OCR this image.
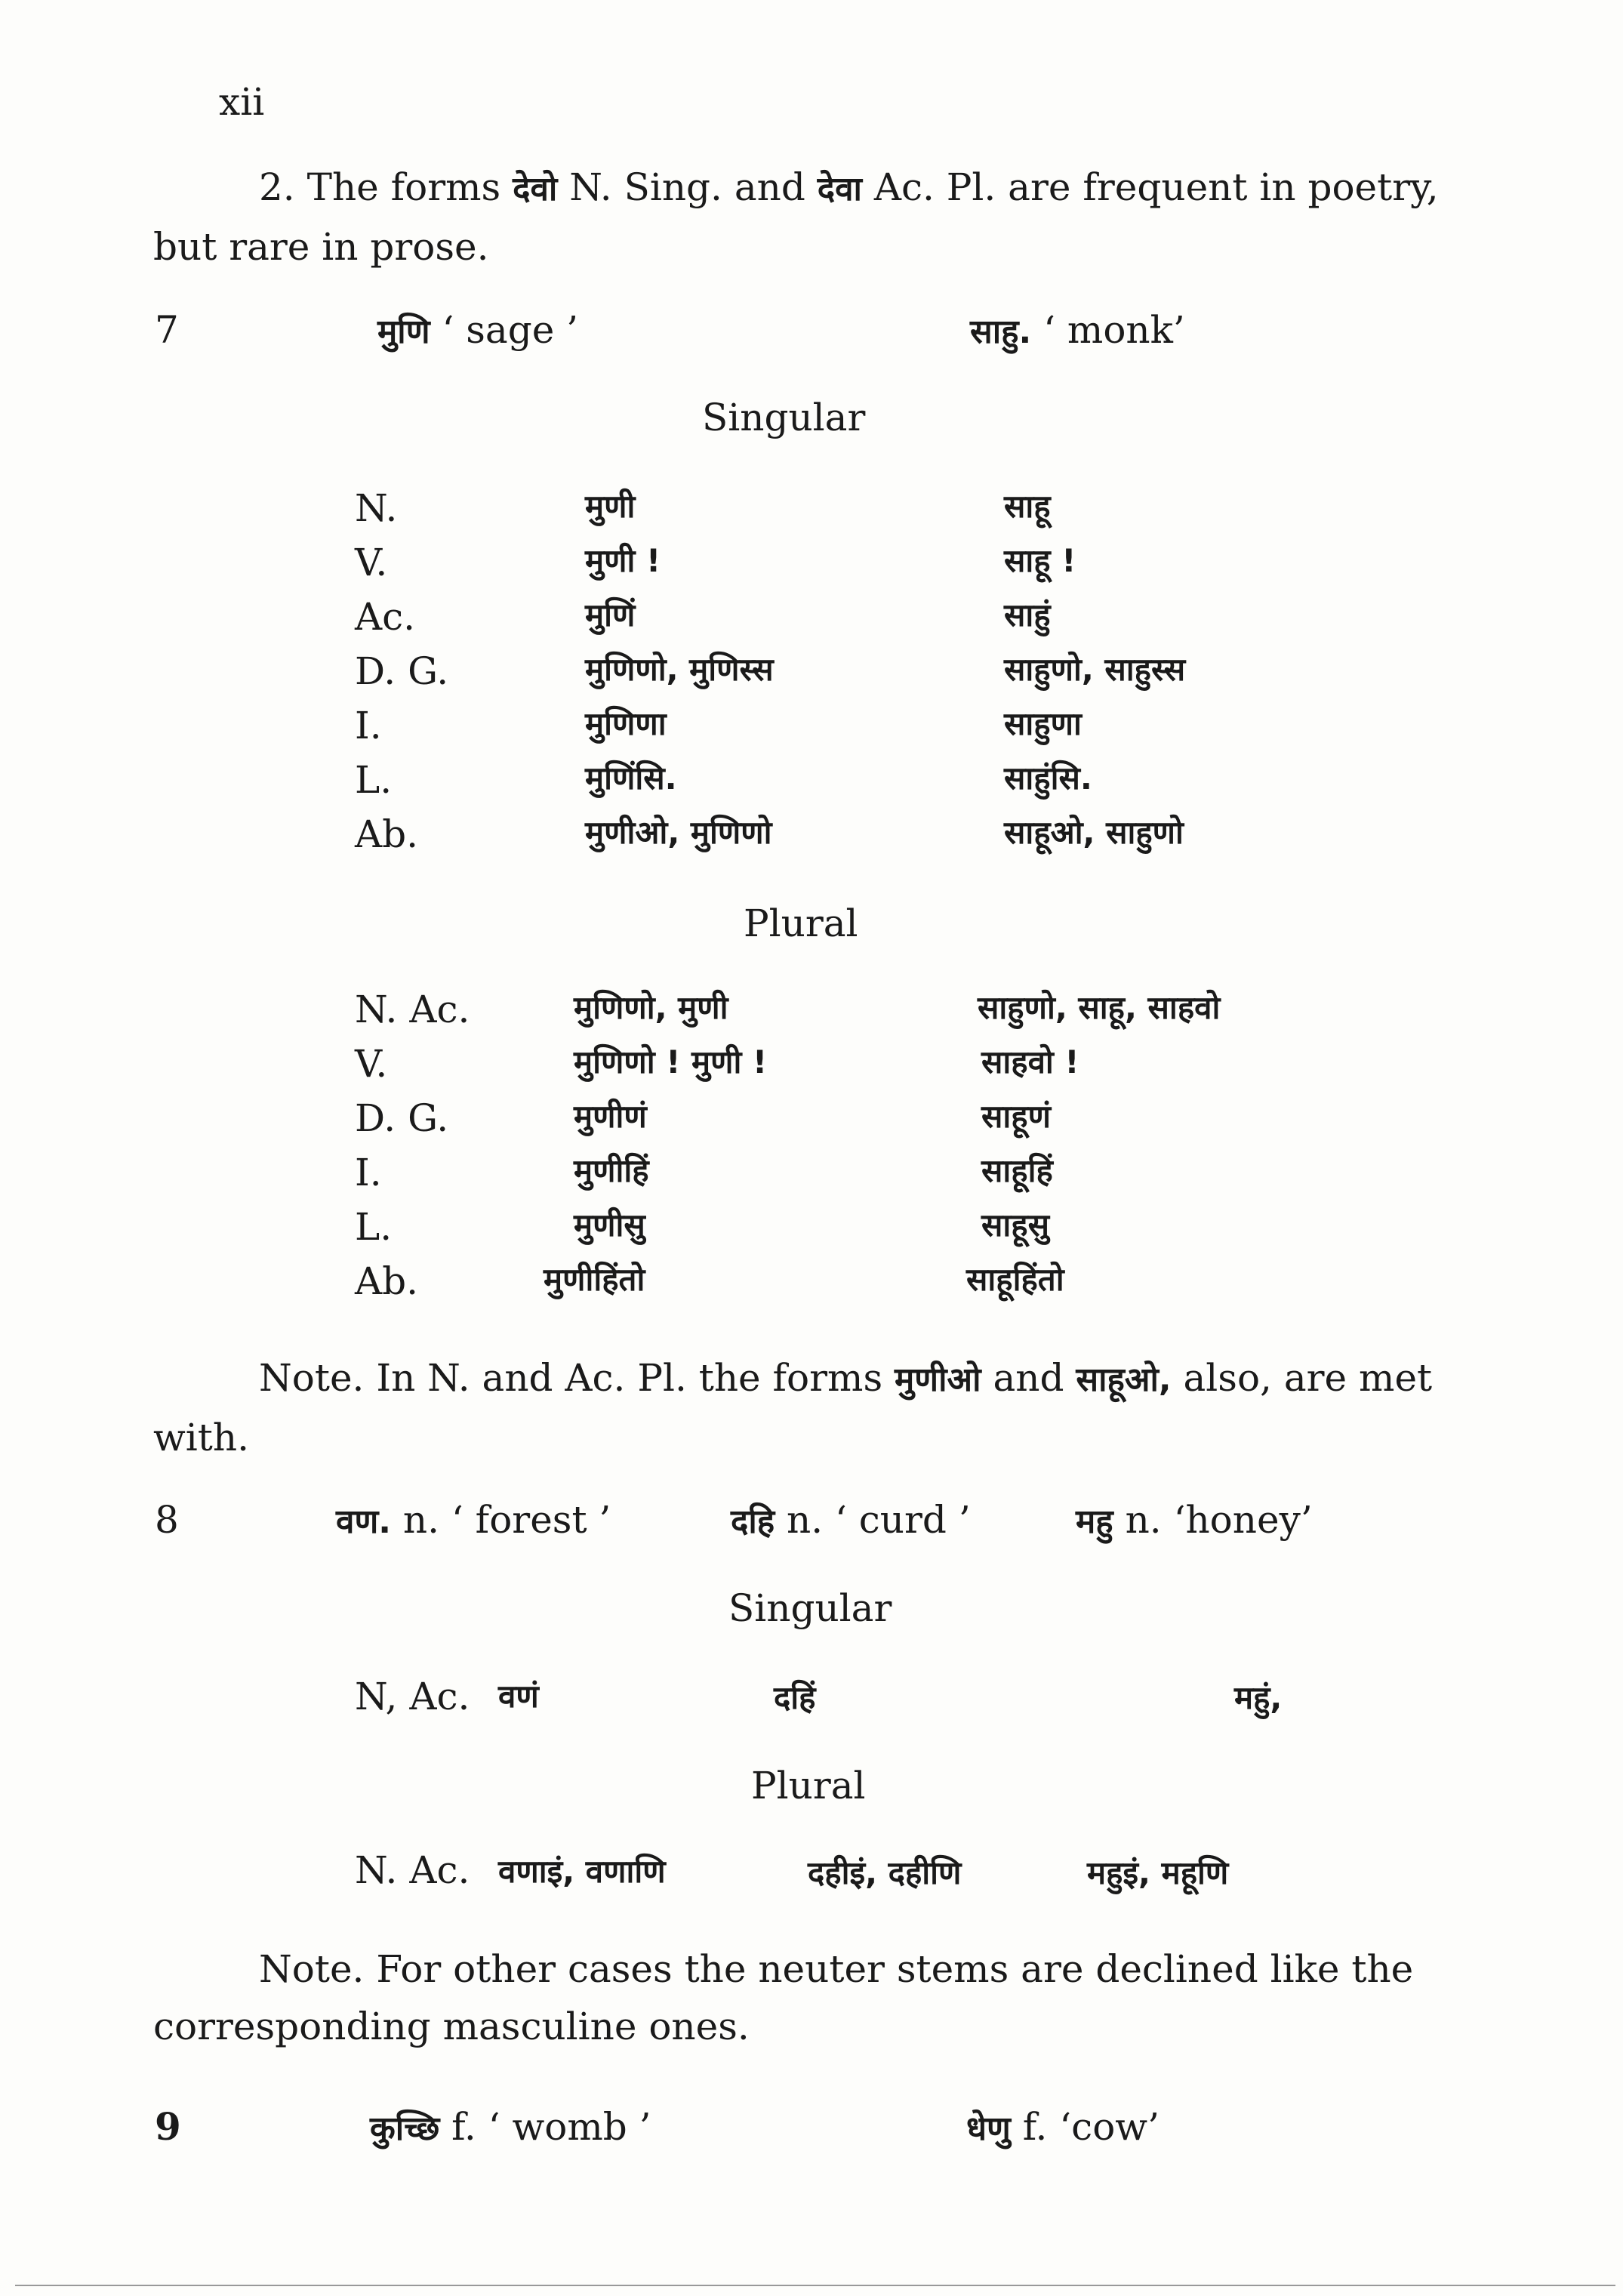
xii
2. The forms देवो N. Sing. and देवा Ac. Pl. are frequent in poetry, but rare in prose.
7	मुणि ‘ sage ’	साहु. ‘ monk’
Singular
N.	मुणी	साहू
V.	मुणी !	साहू !
Ac.	मुणिं	साहुं
D. G.	मुणिणो, मुणिस्स	साहुणो, साहुस्स
I.	मुणिणा	साहुणा
L.	मुणिंसि.	साहुंसि.
Ab.	मुणीओ, मुणिणो	साहूओ, साहुणो
Plural
N. Ac.	मुणिणो, मुणी	साहुणो, साहू, साहवो
V.	मुणिणो ! मुणी !	साहवो !
D. G.	मुणीणं	साहूणं
I.	मुणीहिं	साहूहिं
L.	मुणीसु	साहूसु
Ab.	मुणीहिंतो	साहूहिंतो
Note. In N. and Ac. Pl. the forms मुणीओ and साहूओ, also, are met with.
8	वण. n. ‘ forest ’	दहि n. ‘ curd ’	महु n. ‘honey’
Singular
N, Ac. वणं	दहिं	महुं,
Plural
N. Ac. वणाइं, वणाणि	दहीइं, दहीणि	महुइं, महूणि
Note. For other cases the neuter stems are declined like the corresponding masculine ones.
9	कुच्छि f. ‘ womb ’	धेणु f. ‘cow’
